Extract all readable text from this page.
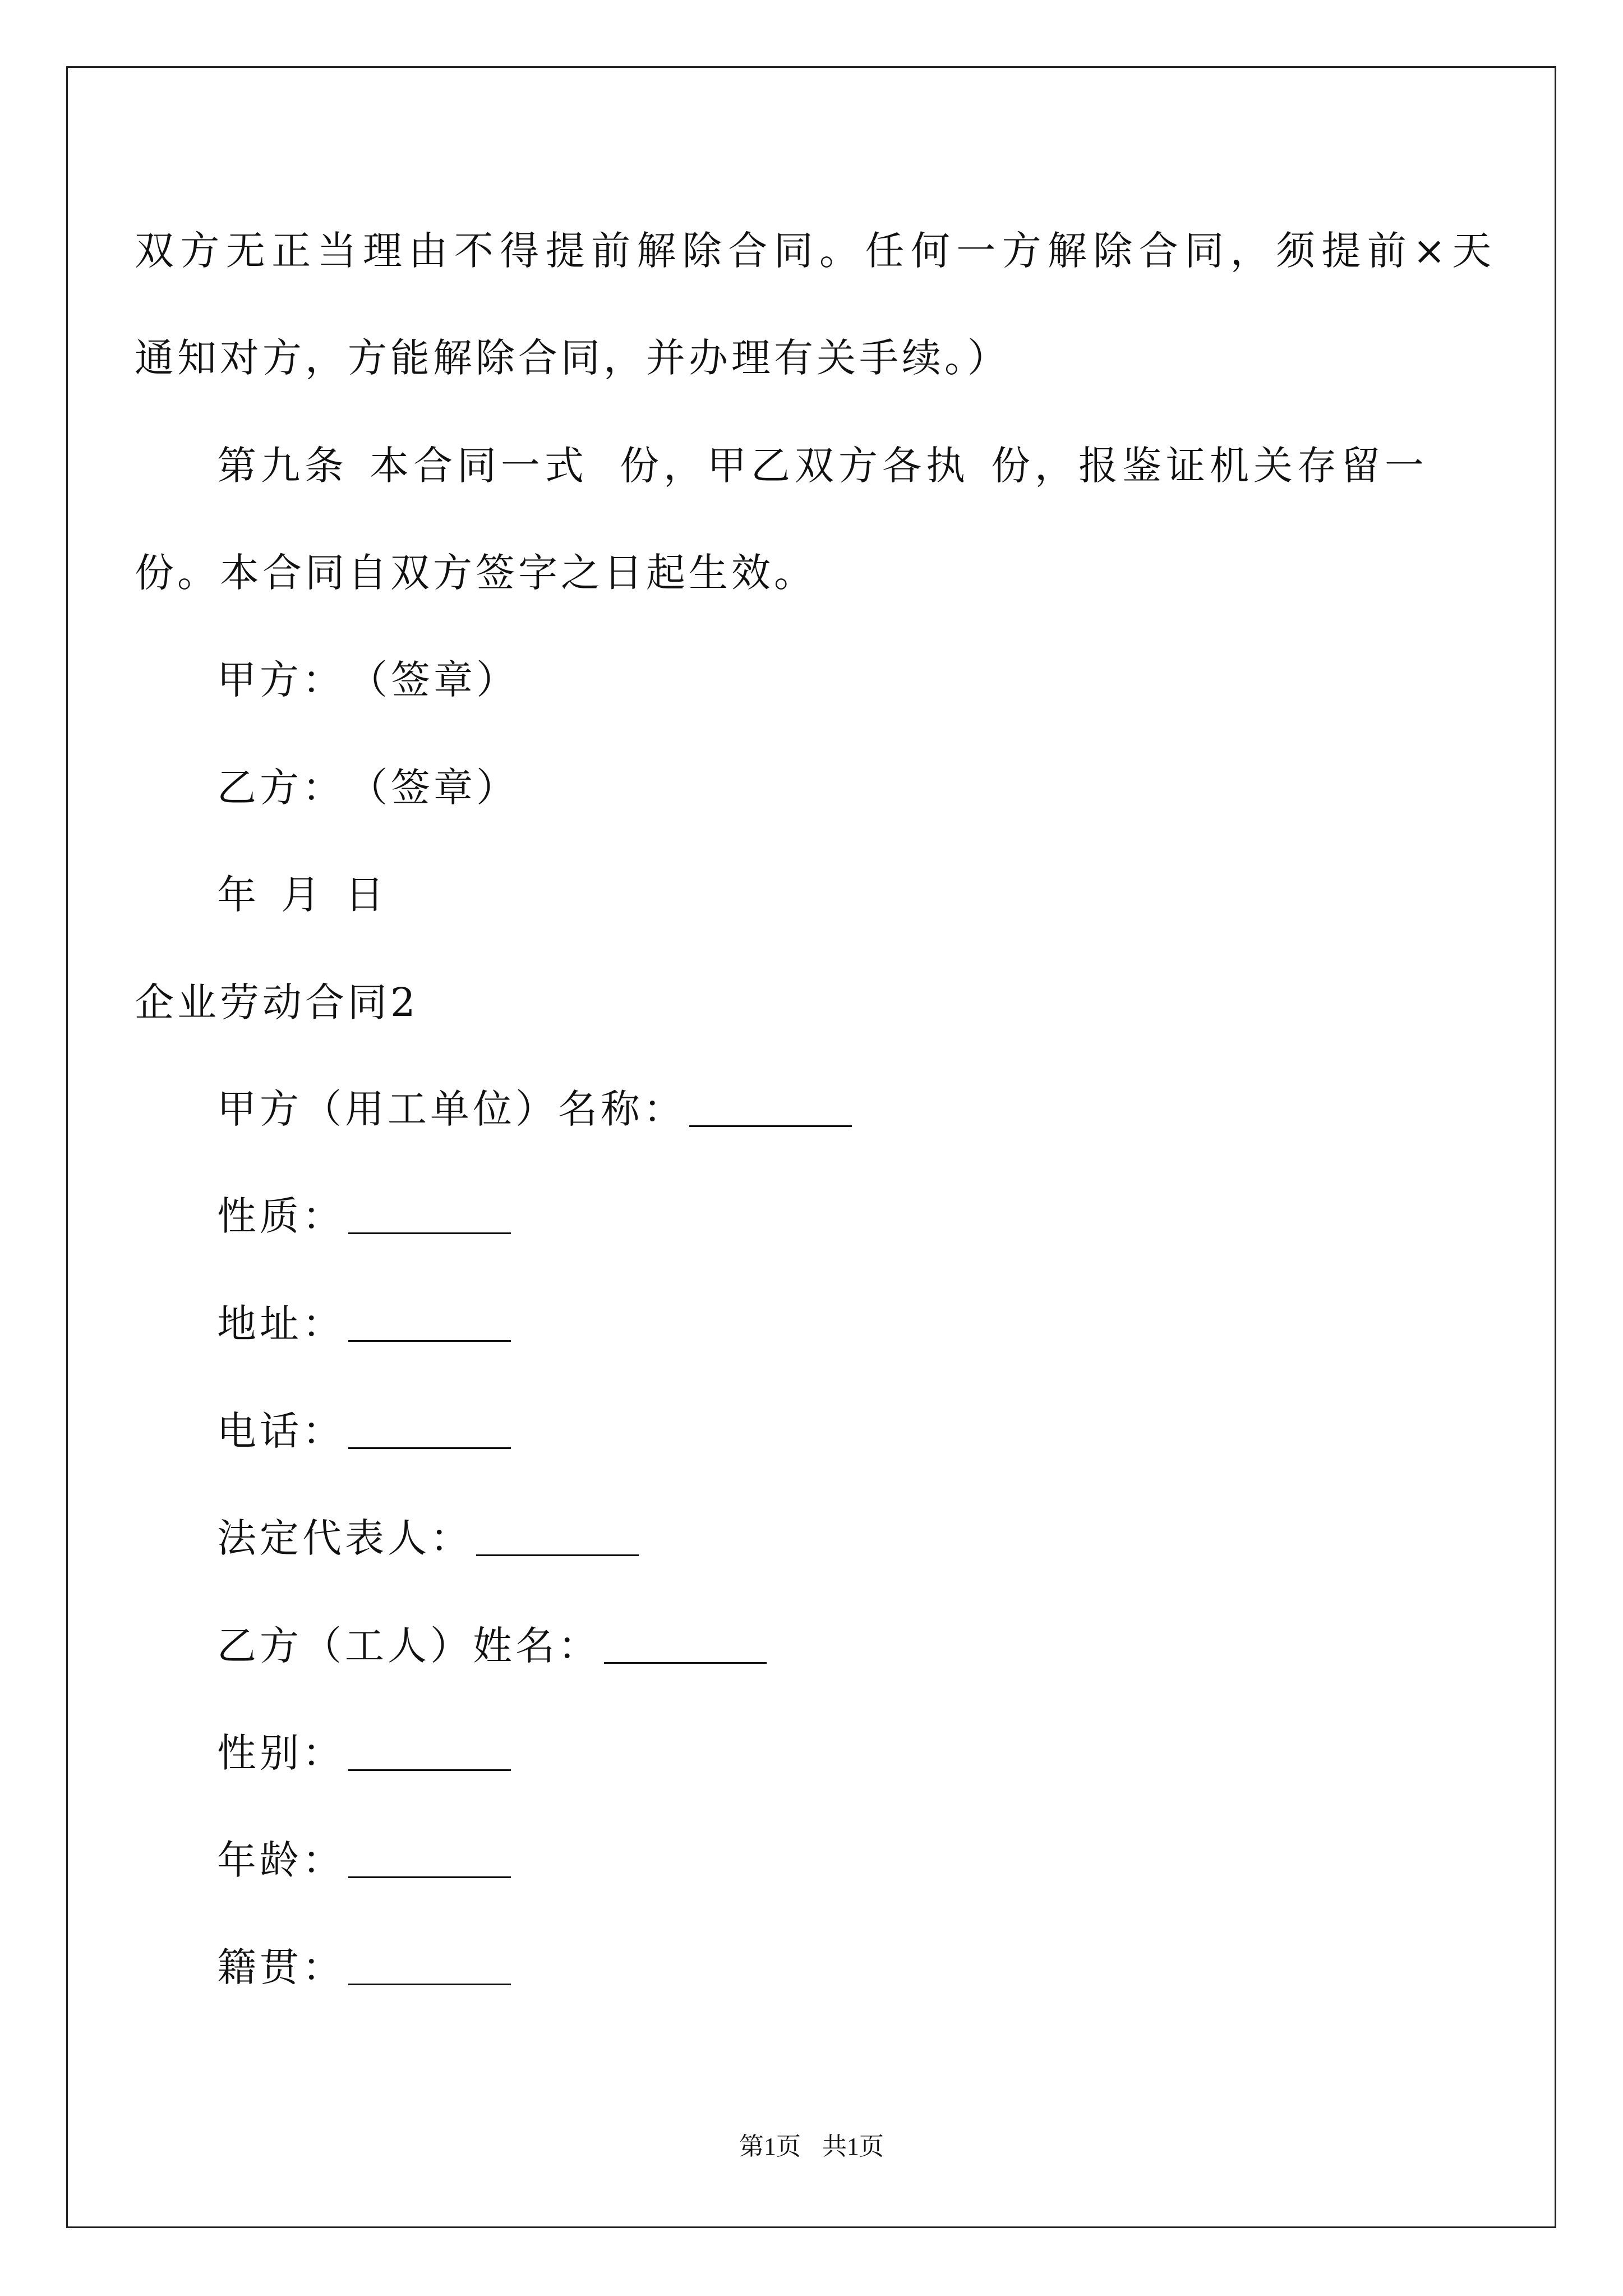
双方无正当理由不得提前解除合同。任何一方解除合同，须提前×天
通知对方，方能解除合同，并办理有关手续。）
第九条 本合同一式 份，甲乙双方各执 份，报鉴证机关存留一
份。本合同自双方签字之日起生效。
甲方：　（签章）
乙方：　（签章）
年 月 日
企业劳动合同2
甲方（用工单位）名称：
性质：
地址：
电话：
法定代表人：
乙方（工人）姓名：
性别：
年龄：
籍贯：
第1页 共1页
